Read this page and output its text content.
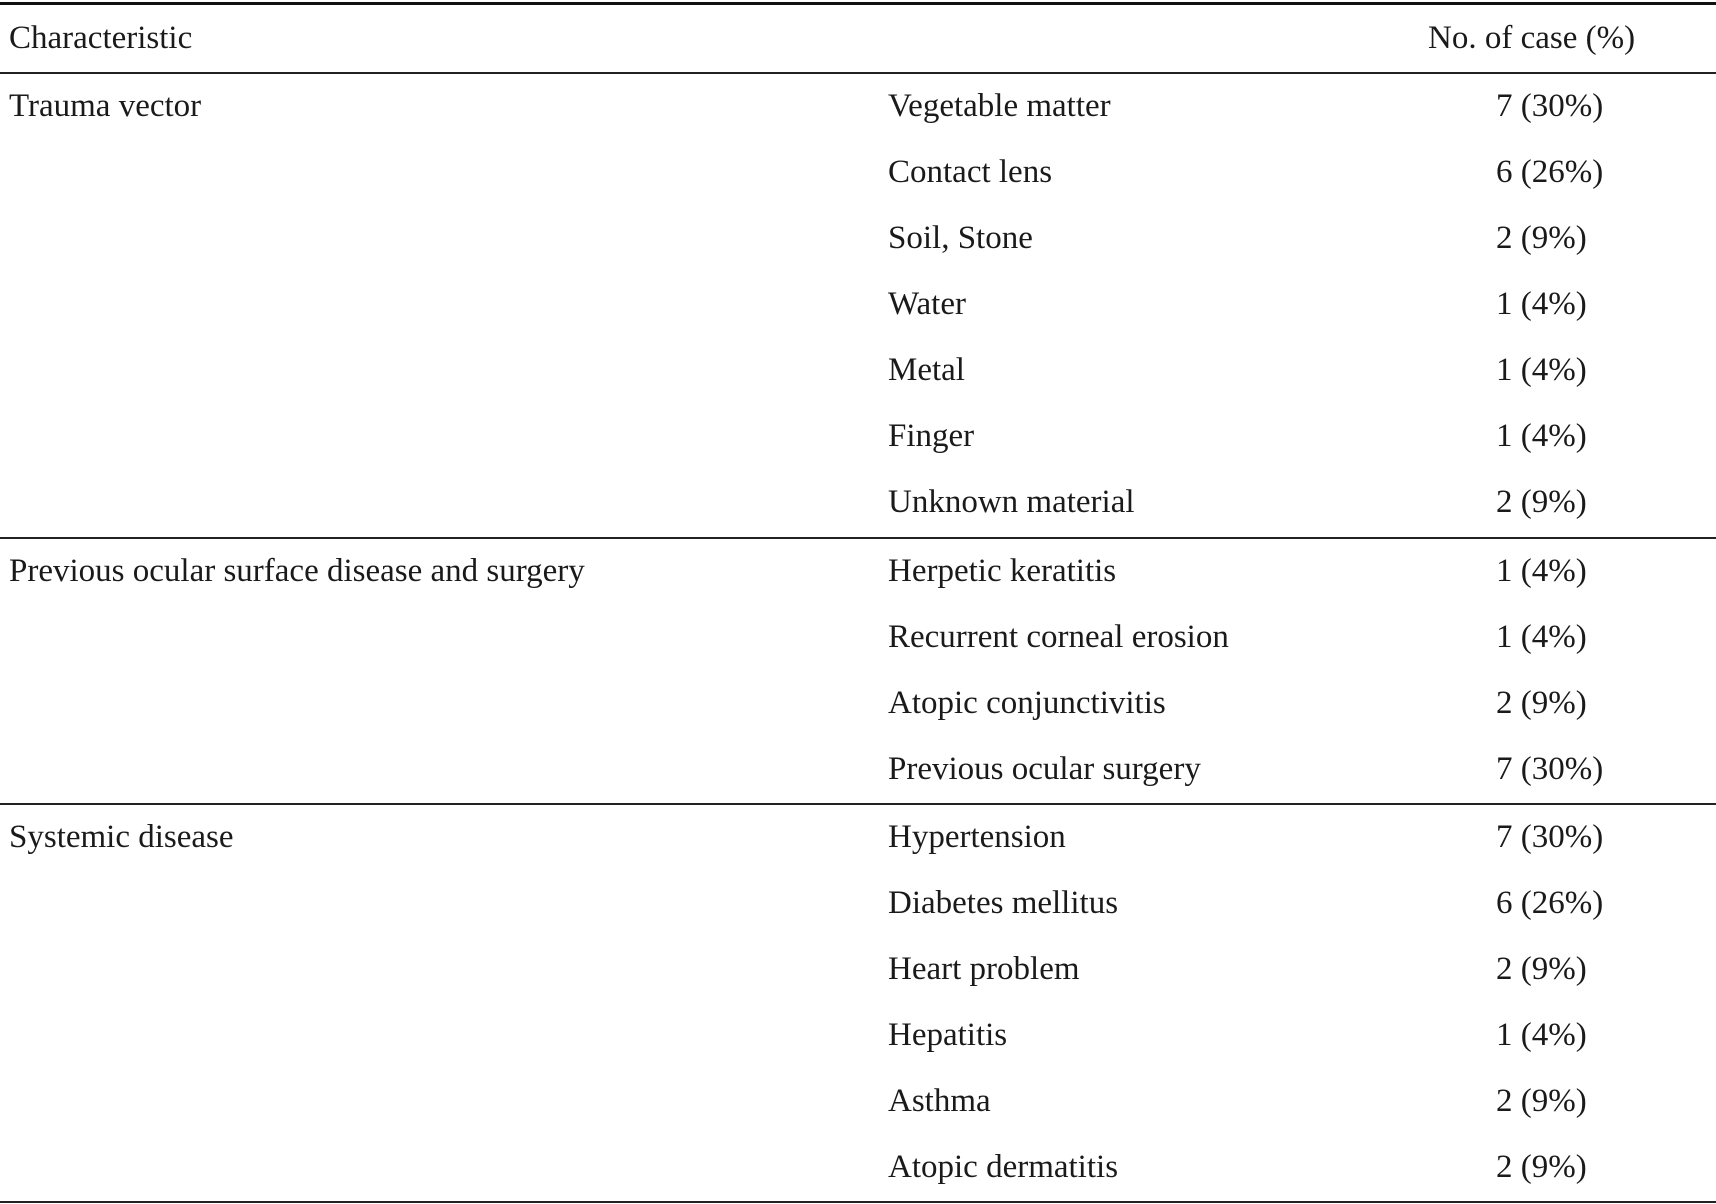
Characteristic	No. of case (%)
Trauma vector	Vegetable matter	7 (30%)
Contact lens	6 (26%)
Soil, Stone	2 (9%)
Water	1 (4%)
Metal	1 (4%)
Finger	1 (4%)
Unknown material	2 (9%)
Previous ocular surface disease and surgery	Herpetic keratitis	1 (4%)
Recurrent corneal erosion	1 (4%)
Atopic conjunctivitis	2 (9%)
Previous ocular surgery	7 (30%)
Systemic disease	Hypertension	7 (30%)
Diabetes mellitus	6 (26%)
Heart problem	2 (9%)
Hepatitis	1 (4%)
Asthma	2 (9%)
Atopic dermatitis	2 (9%)
